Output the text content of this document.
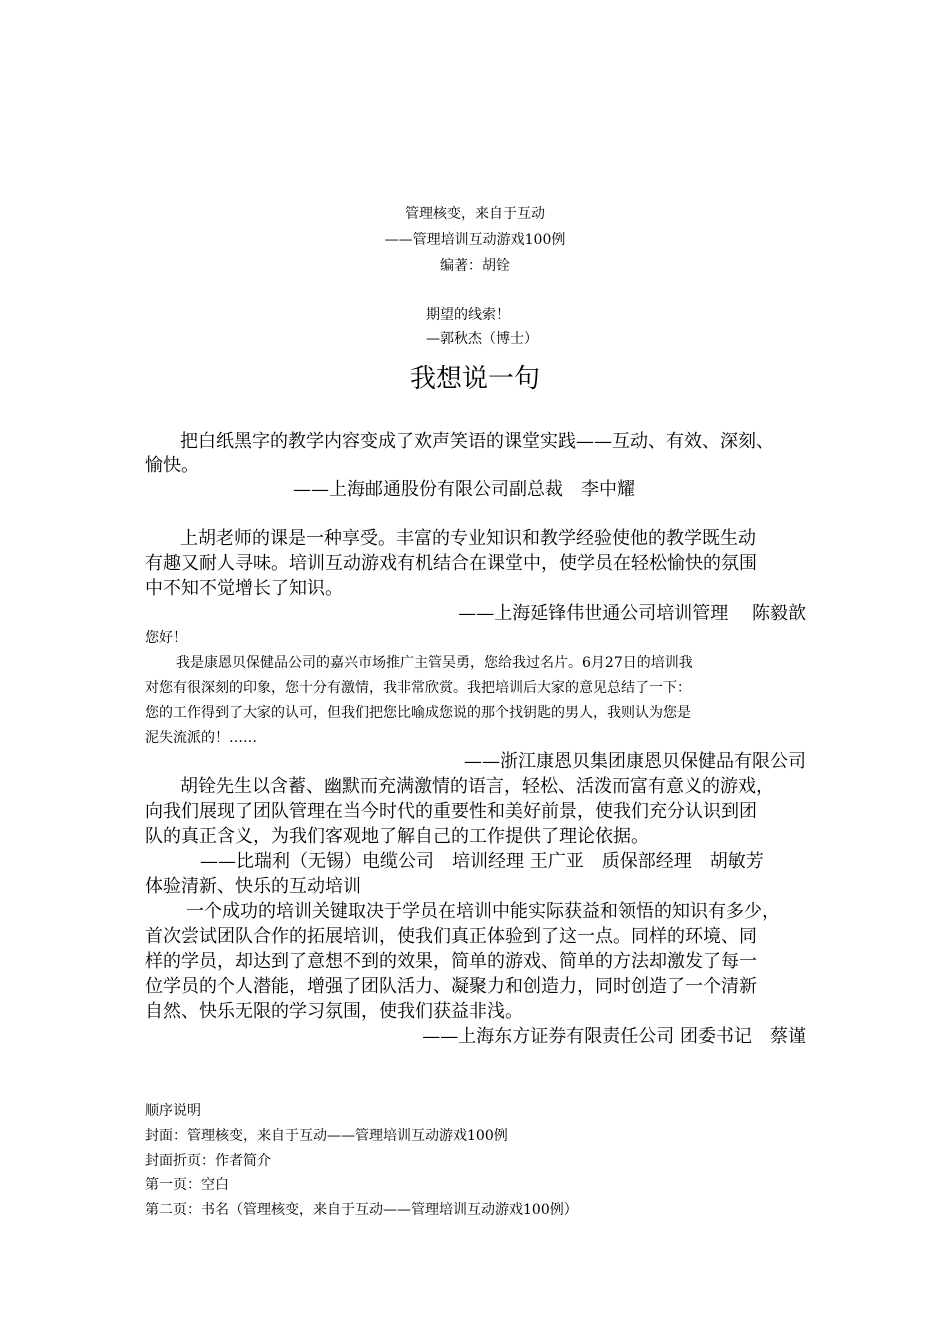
管理核变，来自于互动
——管理培训互动游戏100例
编著：胡铨
期望的线索！
—郭秋杰（博士）
我想说一句
把白纸黑字的教学内容变成了欢声笑语的课堂实践——互动、有效、深刻、
愉快。
——上海邮通股份有限公司副总裁　李中耀
上胡老师的课是一种享受。丰富的专业知识和教学经验使他的教学既生动
有趣又耐人寻味。培训互动游戏有机结合在课堂中，使学员在轻松愉快的氛围
中不知不觉增长了知识。
——上海延锋伟世通公司培训管理　 陈毅歆
您好！
我是康恩贝保健品公司的嘉兴市场推广主管吴勇，您给我过名片。6月27日的培训我
对您有很深刻的印象，您十分有激情，我非常欣赏。我把培训后大家的意见总结了一下：
您的工作得到了大家的认可，但我们把您比喻成您说的那个找钥匙的男人，我则认为您是
泥失流派的！……
——浙江康恩贝集团康恩贝保健品有限公司
胡铨先生以含蓄、幽默而充满激情的语言，轻松、活泼而富有意义的游戏，
向我们展现了团队管理在当今时代的重要性和美好前景，使我们充分认识到团
队的真正含义，为我们客观地了解自己的工作提供了理论依据。
——比瑞利（无锡）电缆公司　培训经理 王广亚　质保部经理　胡敏芳
体验清新、快乐的互动培训
一个成功的培训关键取决于学员在培训中能实际获益和领悟的知识有多少，
首次尝试团队合作的拓展培训，使我们真正体验到了这一点。同样的环境、同
样的学员，却达到了意想不到的效果，简单的游戏、简单的方法却激发了每一
位学员的个人潜能，增强了团队活力、凝聚力和创造力，同时创造了一个清新
自然、快乐无限的学习氛围，使我们获益非浅。
——上海东方证券有限责任公司 团委书记　蔡谨
顺序说明
封面：管理核变，来自于互动——管理培训互动游戏100例
封面折页：作者简介
第一页：空白
第二页：书名（管理核变，来自于互动——管理培训互动游戏100例）
